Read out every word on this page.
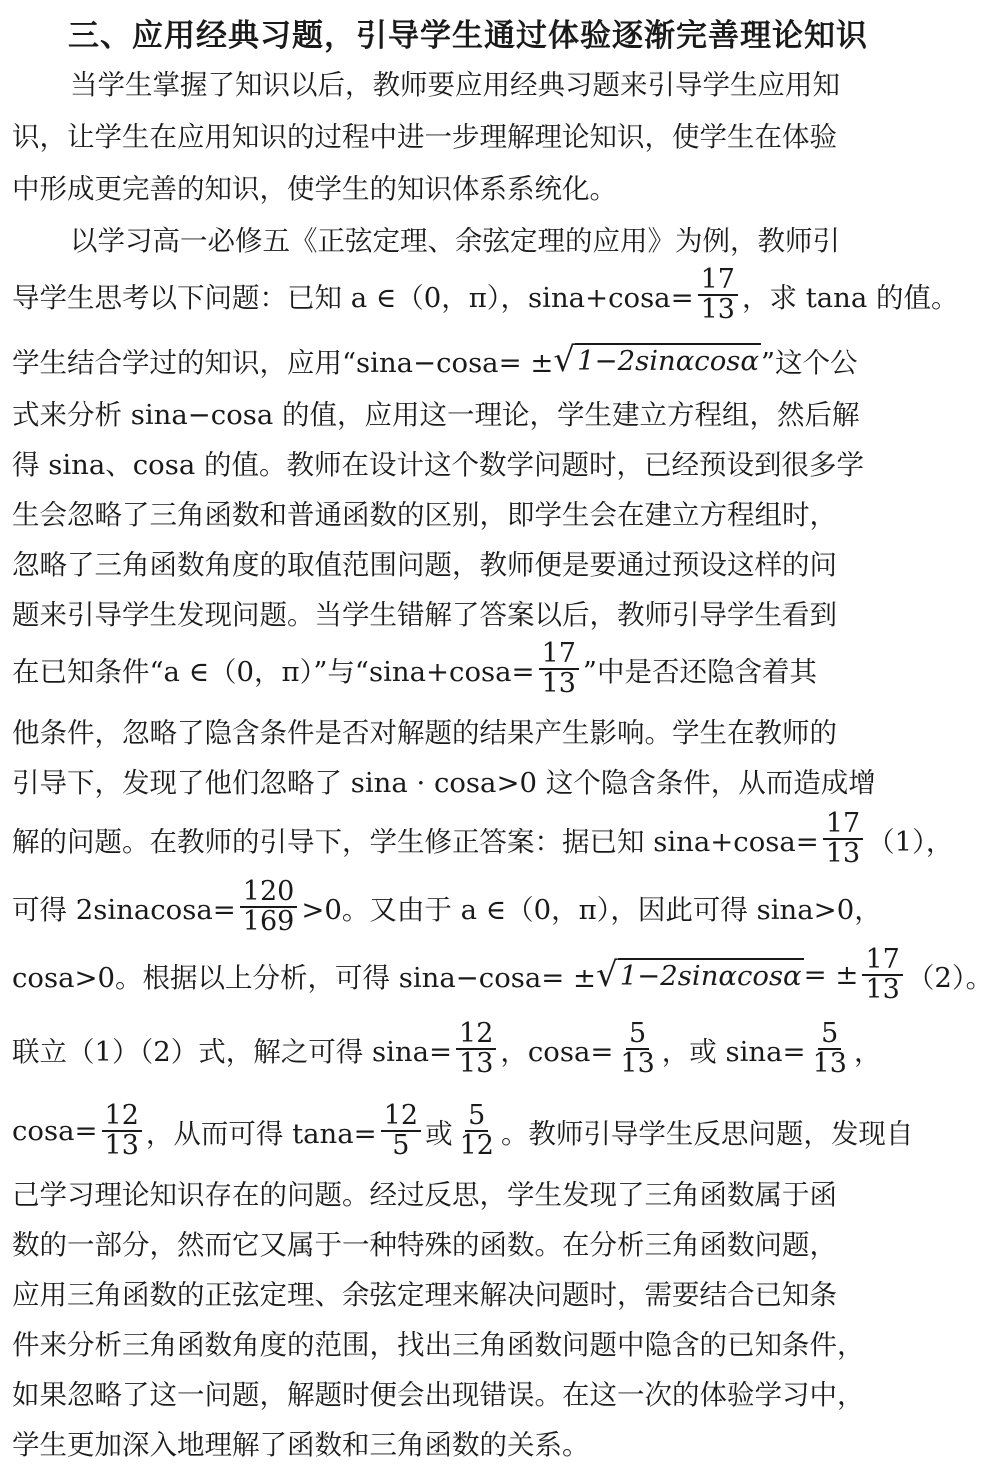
三、应用经典习题，引导学生通过体验逐渐完善理论知识
当学生掌握了知识以后，教师要应用经典习题来引导学生应用知
识，让学生在应用知识的过程中进一步理解理论知识，使学生在体验
中形成更完善的知识，使学生的知识体系系统化。
以学习高一必修五《正弦定理、余弦定理的应用》为例，教师引
导学生思考以下问题：已知 a ∈（0，π），$\sin a+\cos a= \frac{17}{13}$ ，求 tana 的值。
学生结合学过的知识，应用“sina−cosa= ± √ 1−2sinαcosα ”这个公
式来分析 sina−cosa 的值，应用这一理论，学生建立方程组，然后解
得 sina、cosa 的值。教师在设计这个数学问题时，已经预设到很多学
生会忽略了三角函数和普通函数的区别，即学生会在建立方程组时，
忽略了三角函数角度的取值范围问题，教师便是要通过预设这样的问
题来引导学生发现问题。当学生错解了答案以后，教师引导学生看到
在已知条件“a ∈（0，π）”与“$\sin a+\cos a= \frac{17}{13}$ ”中是否还隐含着其
他条件，忽略了隐含条件是否对解题的结果产生影响。学生在教师的
引导下，发现了他们忽略了 sina · cosa>0 这个隐含条件，从而造成增
解的问题。在教师的引导下，学生修正答案：据已知 $\sin a+\cos a= \frac{17}{13} (1)$，
可得 2sinacosa= $\frac{120}{169} >0$。又由于 a ∈（0，π），因此可得 sina>0，
cosa>0。根据以上分析，可得 sina−cosa= ± √ 1−2sinαcosα = ± $\frac{17}{13} (2)$。
联立（1）（2）式，解之可得 $\sin a= \frac{12}{13}$ ，$\cos a= \frac{5}{13}$ ，或 $\sin a= \frac{5}{13}$ ，
$\cos a= \frac{12}{13}$ ，从而可得 $\tan a= \frac{12}{5}$ 或 $\frac{5}{12}$ 。教师引导学生反思问题，发现自
己学习理论知识存在的问题。经过反思，学生发现了三角函数属于函
数的一部分，然而它又属于一种特殊的函数。在分析三角函数问题，
应用三角函数的正弦定理、余弦定理来解决问题时，需要结合已知条
件来分析三角函数角度的范围，找出三角函数问题中隐含的已知条件，
如果忽略了这一问题，解题时便会出现错误。在这一次的体验学习中，
学生更加深入地理解了函数和三角函数的关系。
